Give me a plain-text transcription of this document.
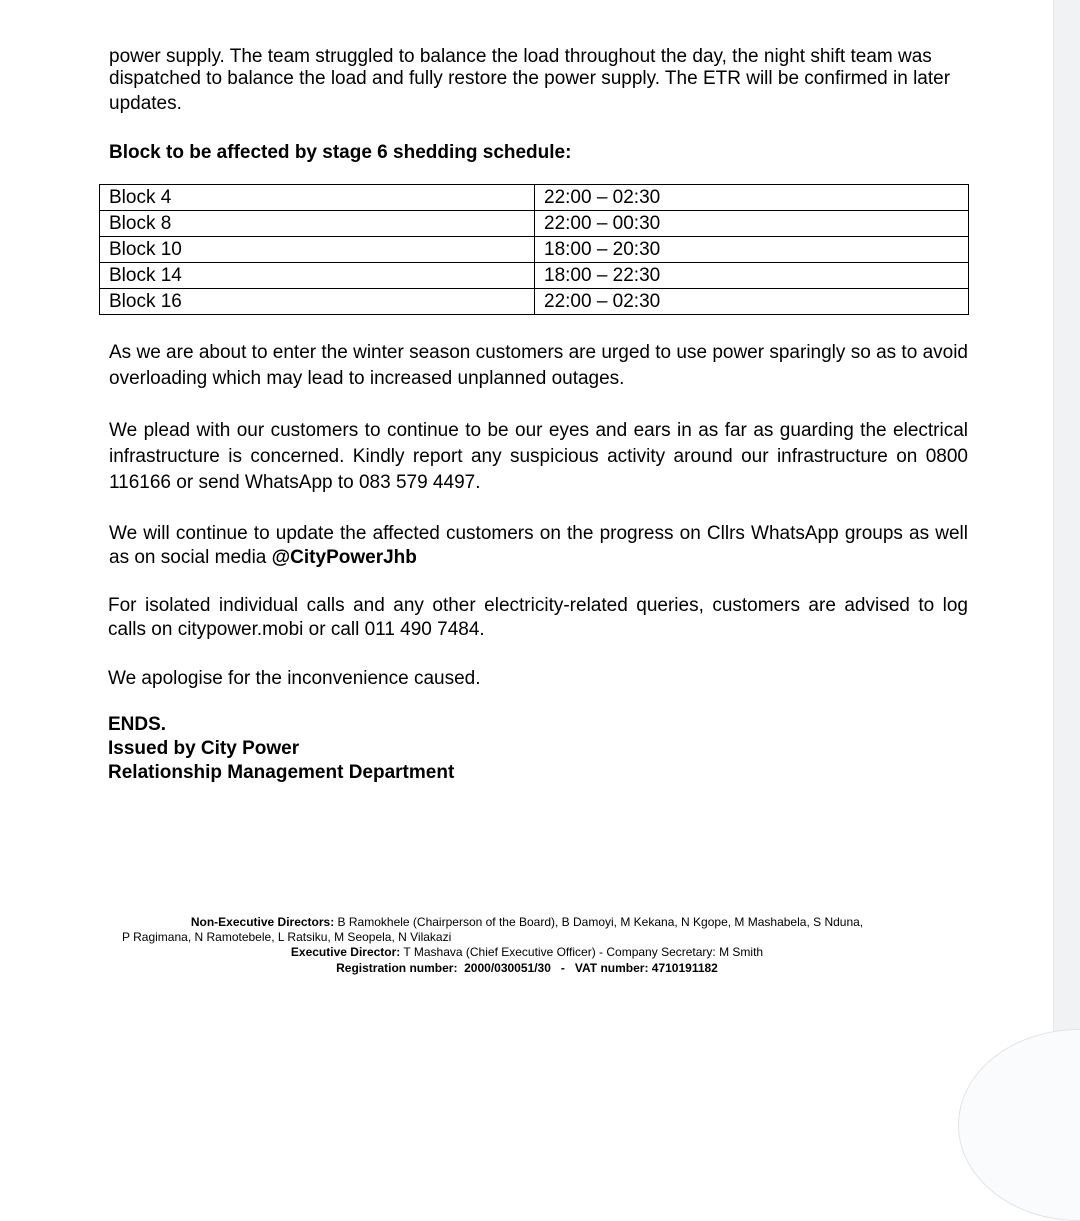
power supply. The team struggled to balance the load throughout the day, the night shift team was

dispatched to balance the load and fully restore the power supply. The ETR will be confirmed in later

updates.

Block to be affected by stage 6 shedding schedule:

Block 4	22:00 – 02:30
Block 8	22:00 – 00:30
Block 10	18:00 – 20:30
Block 14	18:00 – 22:30
Block 16	22:00 – 02:30

As we are about to enter the winter season customers are urged to use power sparingly so as to avoid overloading which may lead to increased unplanned outages.

We plead with our customers to continue to be our eyes and ears in as far as guarding the electrical infrastructure is concerned. Kindly report any suspicious activity around our infrastructure on 0800 116166 or send WhatsApp to 083 579 4497.

We will continue to update the affected customers on the progress on Cllrs WhatsApp groups as well as on social media @CityPowerJhb

For isolated individual calls and any other electricity-related queries, customers are advised to log calls on citypower.mobi or call 011 490 7484.

We apologise for the inconvenience caused.

ENDS.

Issued by City Power

Relationship Management Department

Non-Executive Directors: B Ramokhele (Chairperson of the Board), B Damoyi, M Kekana, N Kgope, M Mashabela, S Nduna,

P Ragimana, N Ramotebele, L Ratsiku, M Seopela, N Vilakazi

Executive Director: T Mashava (Chief Executive Officer) - Company Secretary: M Smith

Registration number:  2000/030051/30   -   VAT number: 4710191182
